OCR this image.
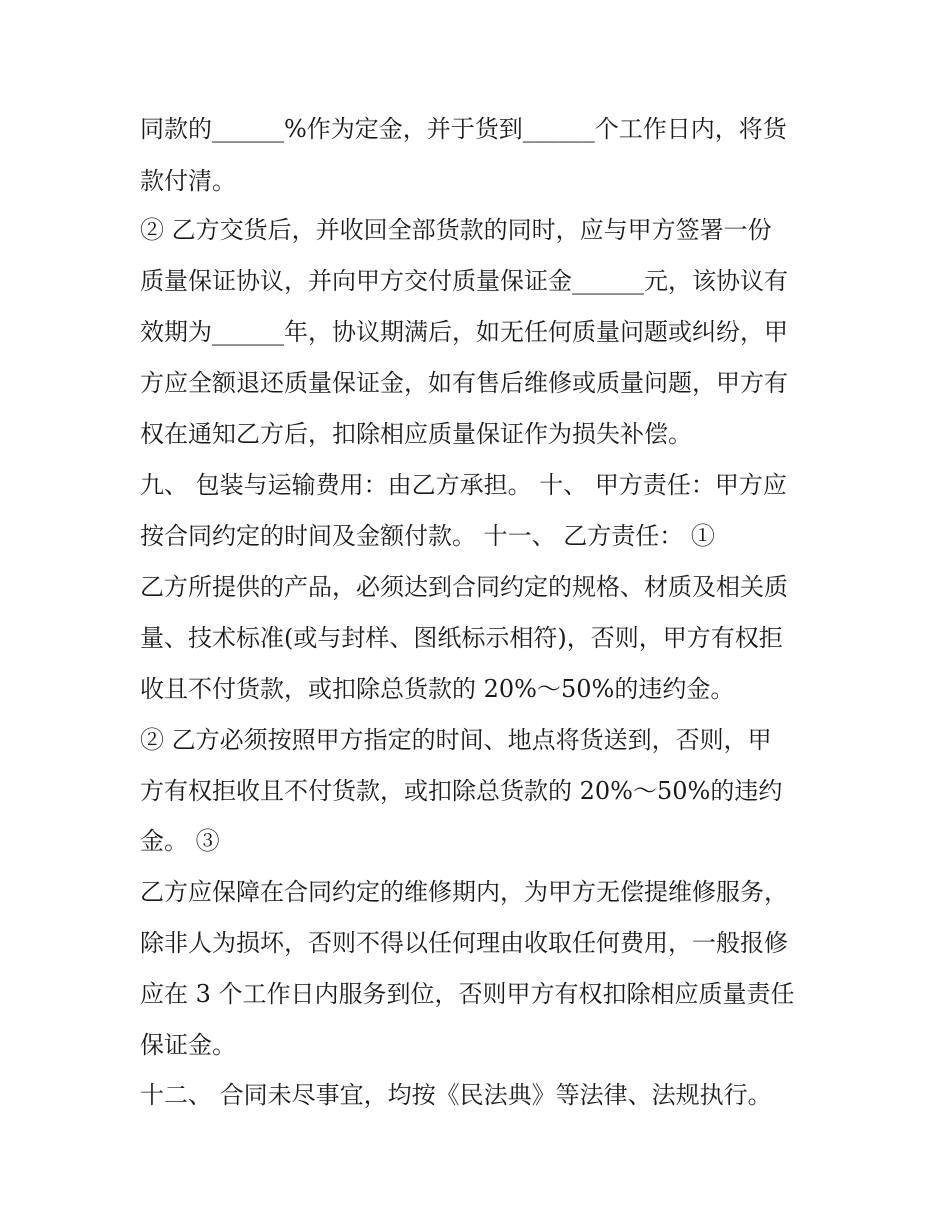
同款的______%作为定金，并于货到______个工作日内，将货
款付清。
② 乙方交货后，并收回全部货款的同时，应与甲方签署一份
质量保证协议，并向甲方交付质量保证金______元，该协议有
效期为______年，协议期满后，如无任何质量问题或纠纷，甲
方应全额退还质量保证金，如有售后维修或质量问题，甲方有
权在通知乙方后，扣除相应质量保证作为损失补偿。
九、 包装与运输费用：由乙方承担。 十、 甲方责任：甲方应
按合同约定的时间及金额付款。 十一、 乙方责任： ①
乙方所提供的产品，必须达到合同约定的规格、材质及相关质
量、技术标准(或与封样、图纸标示相符)，否则，甲方有权拒
收且不付货款，或扣除总货款的 20%～50%的违约金。
② 乙方必须按照甲方指定的时间、地点将货送到，否则，甲
方有权拒收且不付货款，或扣除总货款的 20%～50%的违约
金。 ③
乙方应保障在合同约定的维修期内，为甲方无偿提维修服务，
除非人为损坏，否则不得以任何理由收取任何费用，一般报修
应在 3 个工作日内服务到位，否则甲方有权扣除相应质量责任
保证金。
十二、 合同未尽事宜，均按《民法典》等法律、法规执行。
